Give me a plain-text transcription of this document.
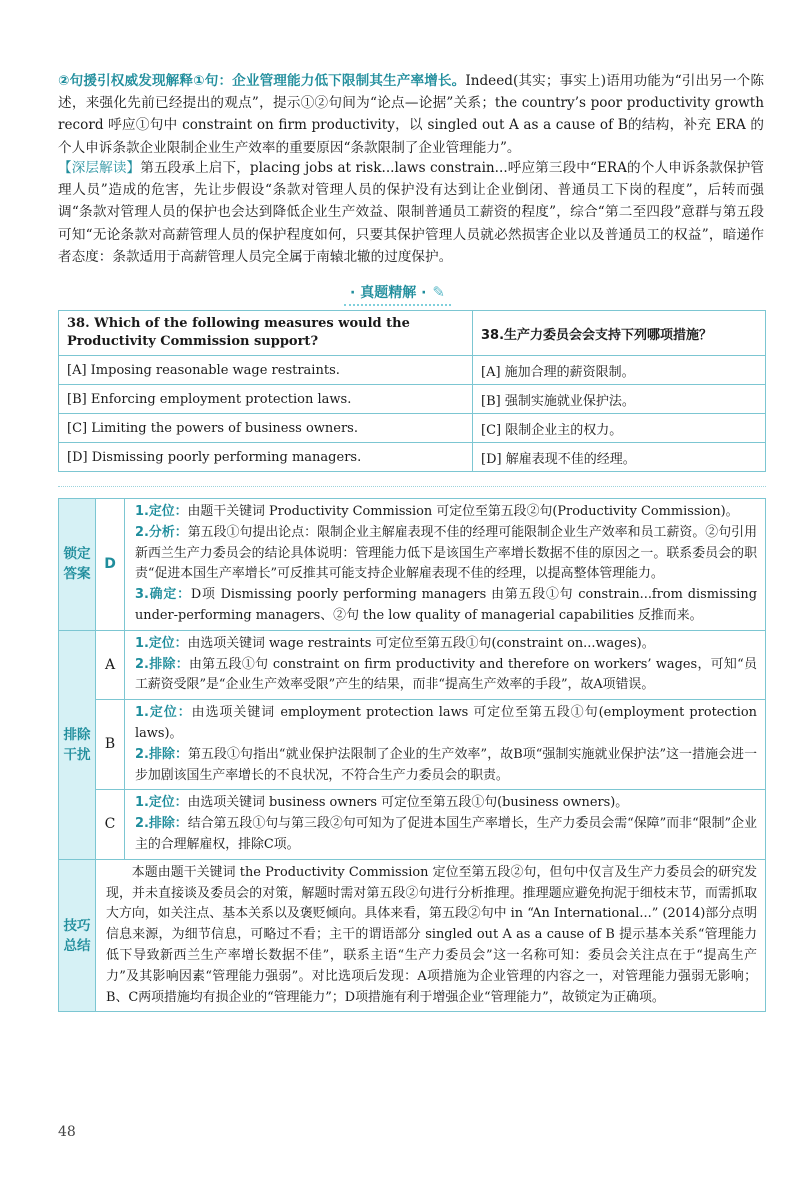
②句援引权威发现解释①句：企业管理能力低下限制其生产率增长。Indeed(其实；事实上)语用功能为“引出另一个陈述，来强化先前已经提出的观点”，提示①②句间为“论点—论据”关系；the country’s poor productivity growth record 呼应①句中 constraint on firm productivity，以 singled out A as a cause of B的结构，补充 ERA 的个人申诉条款企业限制企业生产效率的重要原因“条款限制了企业管理能力”。

【深层解读】第五段承上启下，placing jobs at risk...laws constrain...呼应第三段中“ERA的个人申诉条款保护管理人员”造成的危害，先让步假设“条款对管理人员的保护没有达到让企业倒闭、普通员工下岗的程度”，后转而强调“条款对管理人员的保护也会达到降低企业生产效益、限制普通员工薪资的程度”，综合“第二至四段”意群与第五段可知“无论条款对高薪管理人员的保护程度如何，只要其保护管理人员就必然损害企业以及普通员工的权益”，暗递作者态度：条款适用于高薪管理人员完全属于南辕北辙的过度保护。

· 真题精解 · ✎
38. Which of the following measures would the Productivity Commission support?	38.生产力委员会会支持下列哪项措施？
[A] Imposing reasonable wage restraints.	[A] 施加合理的薪资限制。
[B] Enforcing employment protection laws.	[B] 强制实施就业保护法。
[C] Limiting the powers of business owners.	[C] 限制企业主的权力。
[D] Dismissing poorly performing managers.	[D] 解雇表现不佳的经理。
锁定答案	D	1.定位：由题干关键词 Productivity Commission 可定位至第五段②句(Productivity Commission)。

2.分析：第五段①句提出论点：限制企业主解雇表现不佳的经理可能限制企业生产效率和员工薪资。②句引用新西兰生产力委员会的结论具体说明：管理能力低下是该国生产率增长数据不佳的原因之一。联系委员会的职责“促进本国生产率增长”可反推其可能支持企业解雇表现不佳的经理，以提高整体管理能力。

3.确定：D项 Dismissing poorly performing managers 由第五段①句 constrain...from dismissing under-performing managers、②句 the low quality of managerial capabilities 反推而来。

排除干扰	A	1.定位：由选项关键词 wage restraints 可定位至第五段①句(constraint on...wages)。

2.排除：由第五段①句 constraint on firm productivity and therefore on workers’ wages，可知“员工薪资受限”是“企业生产效率受限”产生的结果，而非“提高生产效率的手段”，故A项错误。

	B	1.定位：由选项关键词 employment protection laws 可定位至第五段①句(employment protection laws)。

2.排除：第五段①句指出“就业保护法限制了企业的生产效率”，故B项“强制实施就业保护法”这一措施会进一步加剧该国生产率增长的不良状况，不符合生产力委员会的职责。

	C	1.定位：由选项关键词 business owners 可定位至第五段①句(business owners)。

2.排除：结合第五段①句与第三段②句可知为了促进本国生产率增长，生产力委员会需“保障”而非“限制”企业主的合理解雇权，排除C项。

技巧总结	本题由题干关键词 the Productivity Commission 定位至第五段②句，但句中仅言及生产力委员会的研究发现，并未直接谈及委员会的对策，解题时需对第五段②句进行分析推理。推理题应避免拘泥于细枝末节，而需抓取大方向，如关注点、基本关系以及褒贬倾向。具体来看，第五段②句中 in “An International...” (2014)部分点明信息来源，为细节信息，可略过不看；主干的谓语部分 singled out A as a cause of B 提示基本关系“管理能力低下导致新西兰生产率增长数据不佳”，联系主语“生产力委员会”这一名称可知：委员会关注点在于“提高生产力”及其影响因素“管理能力强弱”。对比选项后发现：A项措施为企业管理的内容之一，对管理能力强弱无影响；B、C两项措施均有损企业的“管理能力”；D项措施有利于增强企业“管理能力”，故锁定为正确项。	

48
